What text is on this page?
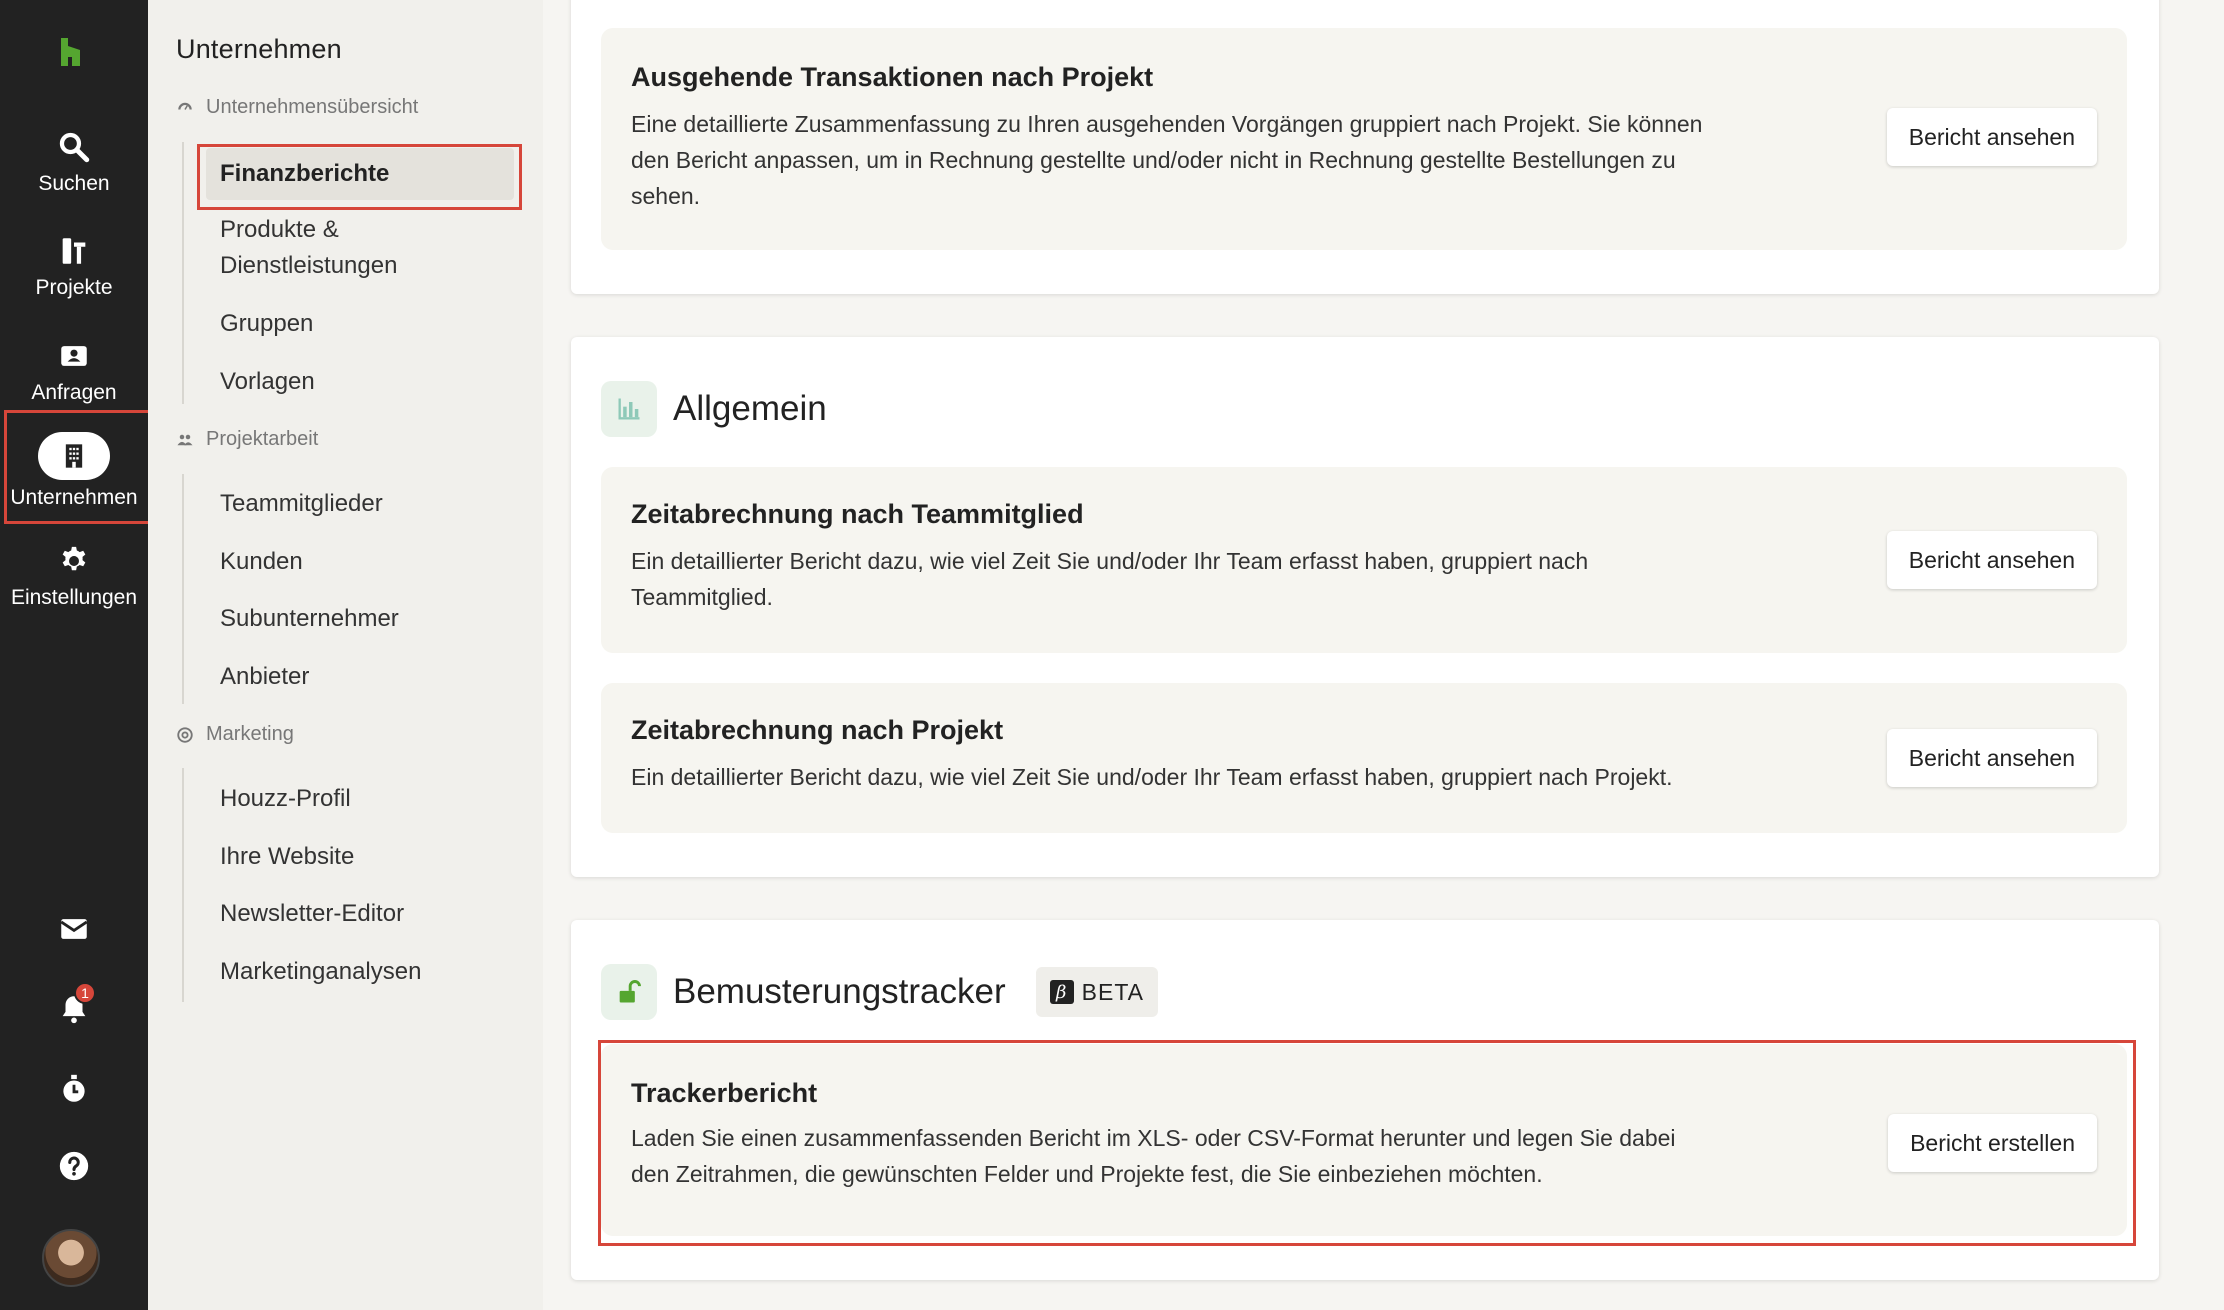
Suchen
Projekte
Anfragen
Unternehmen
Einstellungen
1
Unternehmen
Unternehmensübersicht
Finanzberichte
Produkte & Dienstleistungen
Gruppen
Vorlagen
Projektarbeit
Teammitglieder
Kunden
Subunternehmer
Anbieter
Marketing
Houzz-Profil
Ihre Website
Newsletter-Editor
Marketinganalysen
Ausgehende Transaktionen nach Projekt

Eine detaillierte Zusammenfassung zu Ihren ausgehenden Vorgängen gruppiert nach Projekt. Sie können

den Bericht anpassen, um in Rechnung gestellte und/oder nicht in Rechnung gestellte Bestellungen zu

sehen.

Bericht ansehen
Allgemein
Zeitabrechnung nach Teammitglied

Ein detaillierter Bericht dazu, wie viel Zeit Sie und/oder Ihr Team erfasst haben, gruppiert nach

Teammitglied.

Bericht ansehen
Zeitabrechnung nach Projekt

Ein detaillierter Bericht dazu, wie viel Zeit Sie und/oder Ihr Team erfasst haben, gruppiert nach Projekt.

Bericht ansehen
Bemusterungstracker	β BETA
Trackerbericht

Laden Sie einen zusammenfassenden Bericht im XLS- oder CSV-Format herunter und legen Sie dabei

den Zeitrahmen, die gewünschten Felder und Projekte fest, die Sie einbeziehen möchten.

Bericht erstellen
